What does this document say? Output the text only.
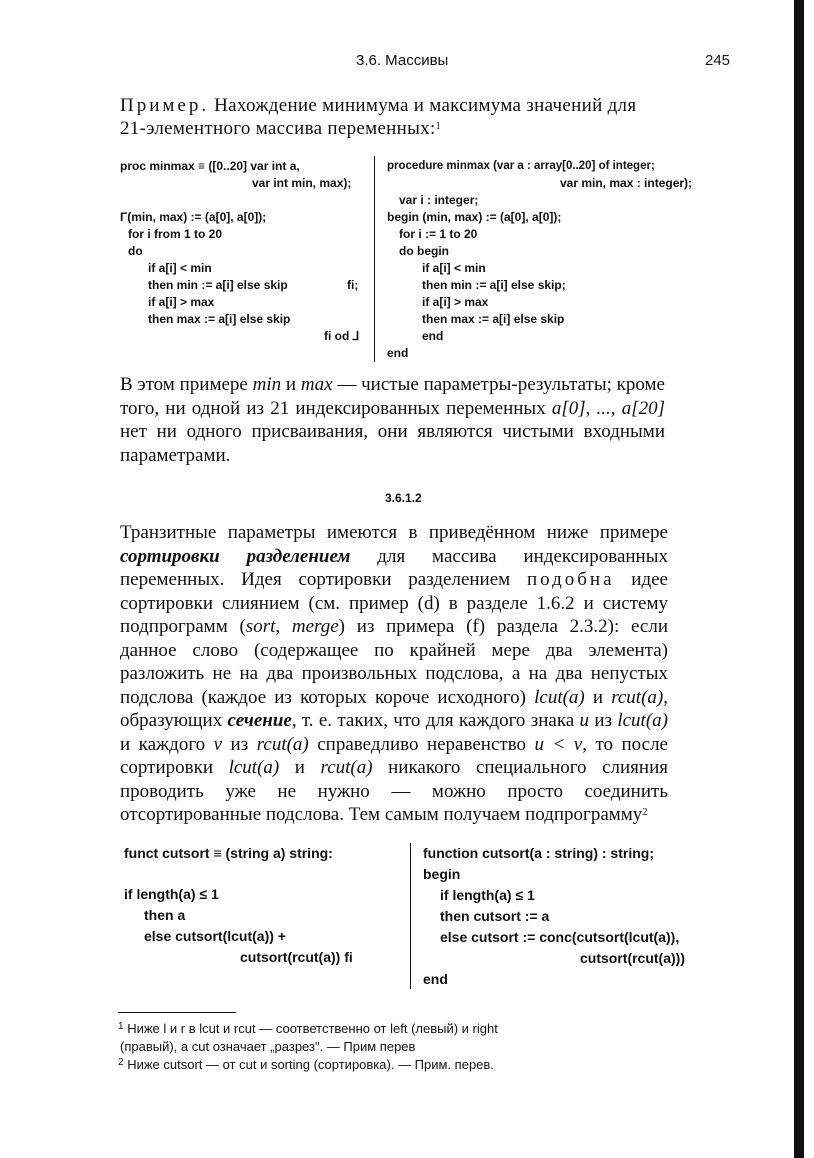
3.6. Массивы	245
Пример. Нахождение минимума и максимума значений для 21-элементного массива переменных:$^1$
proc minmax ≡ ([0..20] var int a,
var int min, max);
Γ(min, max) := (a[0], a[0]);
for i from 1 to 20
do
if a[i] < min
then min := a[i] else skip	fi;
if a[i] > max
then max := a[i] else skip
fi od ⅃
procedure minmax (var a : array[0..20] of integer;
var min, max : integer);
var i : integer;
begin (min, max) := (a[0], a[0]);
for i := 1 to 20
do begin
if a[i] < min
then min := a[i] else skip;
if a[i] > max
then max := a[i] else skip
end
end
В этом примере min и max — чистые параметры-результаты; кроме того, ни одной из 21 индексированных переменных a[0], ..., a[20] нет ни одного присваивания, они являются чистыми входными параметрами.
3.6.1.2
Транзитные параметры имеются в приведённом ниже примере сортировки разделением для массива индексированных переменных. Идея сортировки разделением подобна идее сортировки слиянием (см. пример (d) в разделе 1.6.2 и систему подпрограмм (sort, merge) из примера (f) раздела 2.3.2): если данное слово (содержащее по крайней мере два элемента) разложить не на два произвольных подслова, а на два непустых подслова (каждое из которых короче исходного) lcut(a) и rcut(a), образующих сечение, т. е. таких, что для каждого знака u из lcut(a) и каждого v из rcut(a) справедливо неравенство u < v, то после сортировки lcut(a) и rcut(a) никакого специального слияния проводить уже не нужно — можно просто соединить отсортированные подслова. Тем самым получаем подпрограмму$^2$
funct cutsort ≡ (string a) string:
if length(a) ≤ 1
then a
else cutsort(lcut(a)) +
cutsort(rcut(a)) fi
function cutsort(a : string) : string;
begin
if length(a) ≤ 1
then cutsort := a
else cutsort := conc(cutsort(lcut(a)),
cutsort(rcut(a)))
end
$^1$ Ниже l и r в lcut и rcut — соответственно от left (левый) и right
(правый), а cut означает „разрез". — Прим перев
$^2$ Ниже cutsort — от cut и sorting (сортировка). — Прим. перев.
